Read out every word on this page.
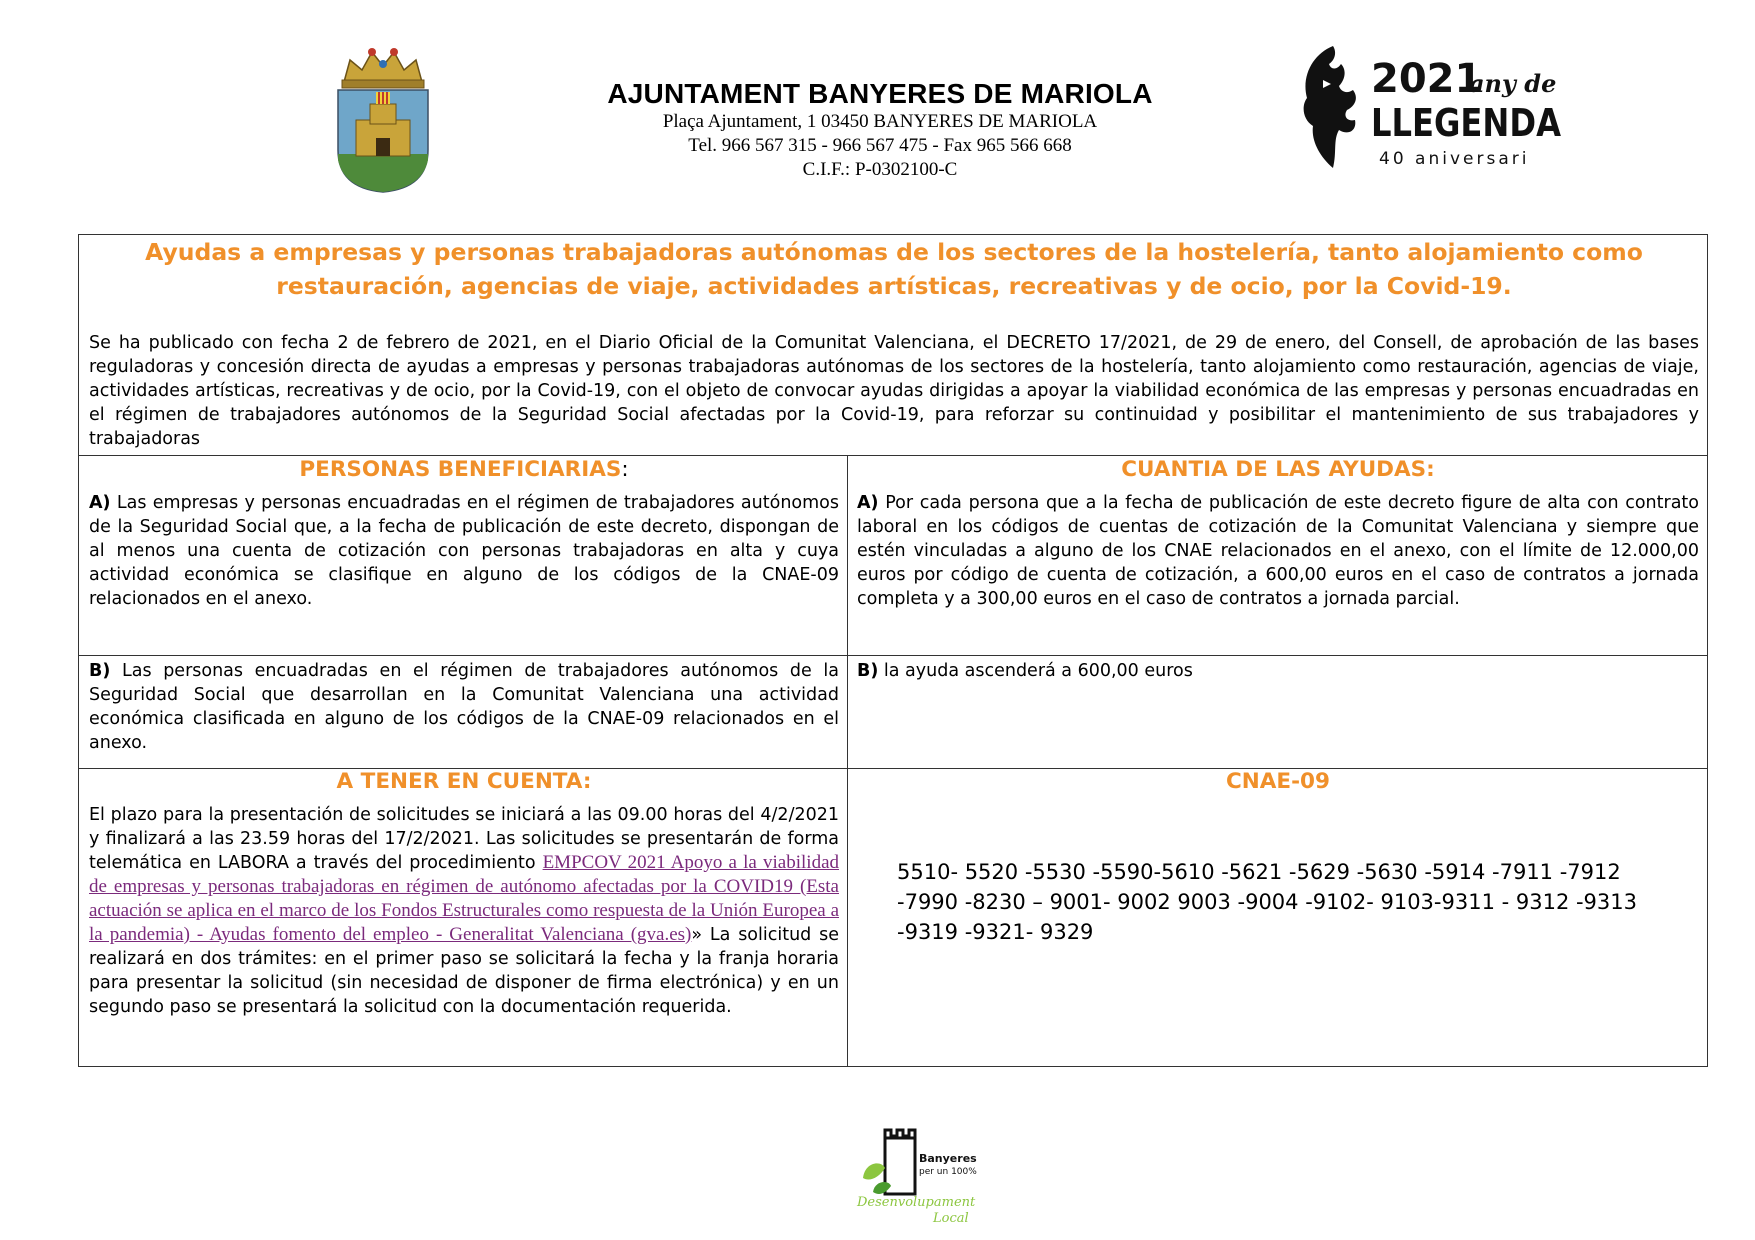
AJUNTAMENT BANYERES DE MARIOLA
Plaça Ajuntament, 1 03450 BANYERES DE MARIOLA
Tel. 966 567 315 - 966 567 475 - Fax 965 566 668
C.I.F.: P-0302100-C
2021
any de
LLEGENDA
40 aniversari
Ayudas a empresas y personas trabajadoras autónomas de los sectores de la hostelería, tanto alojamiento como restauración, agencias de viaje, actividades artísticas, recreativas y de ocio, por la Covid-19.
Se ha publicado con fecha 2 de febrero de 2021, en el Diario Oficial de la Comunitat Valenciana, el DECRETO 17/2021, de 29 de enero, del Consell, de aprobación de las bases reguladoras y concesión directa de ayudas a empresas y personas trabajadoras autónomas de los sectores de la hostelería, tanto alojamiento como restauración, agencias de viaje, actividades artísticas, recreativas y de ocio, por la Covid-19, con el objeto de convocar ayudas dirigidas a apoyar la viabilidad económica de las empresas y personas encuadradas en el régimen de trabajadores autónomos de la Seguridad Social afectadas por la Covid-19, para reforzar su continuidad y posibilitar el mantenimiento de sus trabajadores y trabajadoras
PERSONAS BENEFICIARIAS:
A) Las empresas y personas encuadradas en el régimen de trabajadores autónomos de la Seguridad Social que, a la fecha de publicación de este decreto, dispongan de al menos una cuenta de cotización con personas trabajadoras en alta y cuya actividad económica se clasifique en alguno de los códigos de la CNAE-09 relacionados en el anexo.
CUANTIA DE LAS AYUDAS:
A) Por cada persona que a la fecha de publicación de este decreto figure de alta con contrato laboral en los códigos de cuentas de cotización de la Comunitat Valenciana y siempre que estén vinculadas a alguno de los CNAE relacionados en el anexo, con el límite de 12.000,00 euros por código de cuenta de cotización, a 600,00 euros en el caso de contratos a jornada completa y a 300,00 euros en el caso de contratos a jornada parcial.
B) Las personas encuadradas en el régimen de trabajadores autónomos de la Seguridad Social que desarrollan en la Comunitat Valenciana una actividad económica clasificada en alguno de los códigos de la CNAE-09 relacionados en el anexo.
B) la ayuda ascenderá a 600,00 euros
A TENER EN CUENTA:
El plazo para la presentación de solicitudes se iniciará a las 09.00 horas del 4/2/2021 y finalizará a las 23.59 horas del 17/2/2021. Las solicitudes se presentarán de forma telemática en LABORA a través del procedimiento EMPCOV 2021 Apoyo a la viabilidad de empresas y personas trabajadoras en régimen de autónomo afectadas por la COVID19 (Esta actuación se aplica en el marco de los Fondos Estructurales como respuesta de la Unión Europea a la pandemia) - Ayudas fomento del empleo - Generalitat Valenciana (gva.es)» La solicitud se realizará en dos trámites: en el primer paso se solicitará la fecha y la franja horaria para presentar la solicitud (sin necesidad de disponer de firma electrónica) y en un segundo paso se presentará la solicitud con la documentación requerida.
CNAE-09
5510- 5520 -5530 -5590-5610 -5621 -5629 -5630 -5914 -7911 -7912 -7990 -8230 – 9001- 9002 9003 -9004 -9102- 9103-9311 - 9312 -9313 -9319 -9321- 9329
Banyeres
per un 100%
Desenvolupament
Local
